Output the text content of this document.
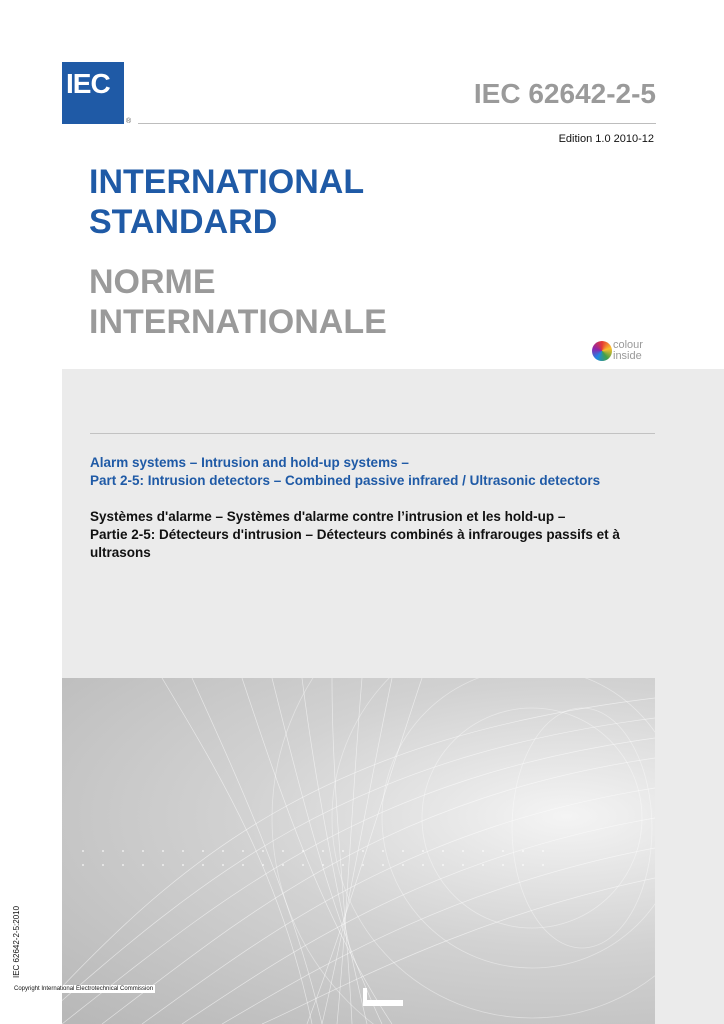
IEC
®
IEC 62642-2-5
Edition 1.0 2010-12
INTERNATIONAL
STANDARD
NORME
INTERNATIONALE
colour
inside
Alarm systems – Intrusion and hold-up systems –
Part 2-5: Intrusion detectors – Combined passive infrared / Ultrasonic detectors
Systèmes d'alarme – Systèmes d'alarme contre l’intrusion et les hold-up –
Partie 2-5: Détecteurs d'intrusion – Détecteurs combinés à infrarouges passifs et à ultrasons
IEC 62642-2-5:2010
Copyright International Electrotechnical Commission
